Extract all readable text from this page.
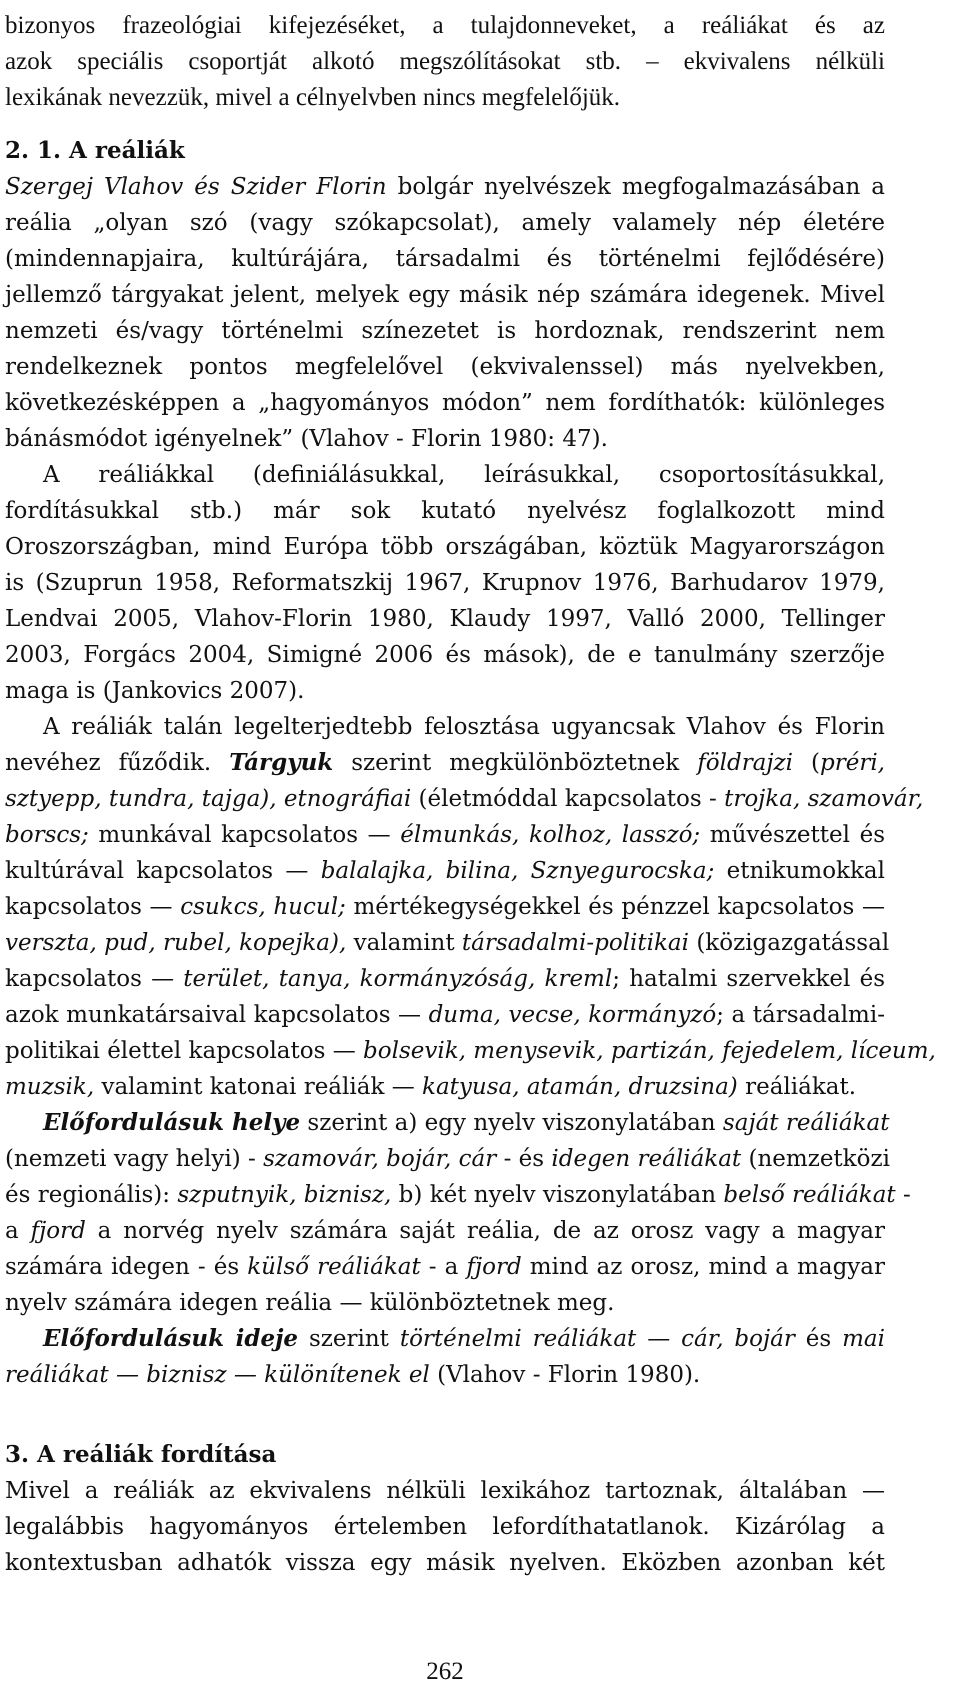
bizonyos frazeológiai kifejezéséket, a tulajdonneveket, a reáliákat és az
azok speciális csoportját alkotó megszólításokat stb. – ekvivalens nélküli
lexikának nevezzük, mivel a célnyelvben nincs megfelelőjük.
2. 1. A reáliák
Szergej Vlahov és Szider Florin bolgár nyelvészek megfogalmazásában a
reália „olyan szó (vagy szókapcsolat), amely valamely nép életére
(mindennapjaira, kultúrájára, társadalmi és történelmi fejlődésére)
jellemző tárgyakat jelent, melyek egy másik nép számára idegenek. Mivel
nemzeti és/vagy történelmi színezetet is hordoznak, rendszerint nem
rendelkeznek pontos megfelelővel (ekvivalenssel) más nyelvekben,
következésképpen a „hagyományos módon” nem fordíthatók: különleges
bánásmódot igényelnek” (Vlahov - Florin 1980: 47).
A reáliákkal (definiálásukkal, leírásukkal, csoportosításukkal,
fordításukkal stb.) már sok kutató nyelvész foglalkozott mind
Oroszországban, mind Európa több országában, köztük Magyarországon
is (Szuprun 1958, Reformatszkij 1967, Krupnov 1976, Barhudarov 1979,
Lendvai 2005, Vlahov-Florin 1980, Klaudy 1997, Valló 2000, Tellinger
2003, Forgács 2004, Simigné 2006 és mások), de e tanulmány szerzője
maga is (Jankovics 2007).
A reáliák talán legelterjedtebb felosztása ugyancsak Vlahov és Florin
nevéhez fűződik. Tárgyuk szerint megkülönböztetnek földrajzi (préri,
sztyepp, tundra, tajga), etnográfiai (életmóddal kapcsolatos - trojka, szamovár,
borscs; munkával kapcsolatos — élmunkás, kolhoz, lasszó; művészettel és
kultúrával kapcsolatos — balalajka, bilina, Sznyegurocska; etnikumokkal
kapcsolatos — csukcs, hucul; mértékegységekkel és pénzzel kapcsolatos —
verszta, pud, rubel, kopejka), valamint társadalmi-politikai (közigazgatással
kapcsolatos — terület, tanya, kormányzóság, kreml; hatalmi szervekkel és
azok munkatársaival kapcsolatos — duma, vecse, kormányzó; a társadalmi-
politikai élettel kapcsolatos — bolsevik, menysevik, partizán, fejedelem, líceum,
muzsik, valamint katonai reáliák — katyusa, atamán, druzsina) reáliákat.
Előfordulásuk helye szerint a) egy nyelv viszonylatában saját reáliákat
(nemzeti vagy helyi) - szamovár, bojár, cár - és idegen reáliákat (nemzetközi
és regionális): szputnyik, biznisz, b) két nyelv viszonylatában belső reáliákat -
a fjord a norvég nyelv számára saját reália, de az orosz vagy a magyar
számára idegen - és külső reáliákat - a fjord mind az orosz, mind a magyar
nyelv számára idegen reália — különböztetnek meg.
Előfordulásuk ideje szerint történelmi reáliákat — cár, bojár és mai
reáliákat — biznisz — különítenek el (Vlahov - Florin 1980).
3. A reáliák fordítása
Mivel a reáliák az ekvivalens nélküli lexikához tartoznak, általában —
legalábbis hagyományos értelemben lefordíthatatlanok. Kizárólag a
kontextusban adhatók vissza egy másik nyelven. Eközben azonban két
262
